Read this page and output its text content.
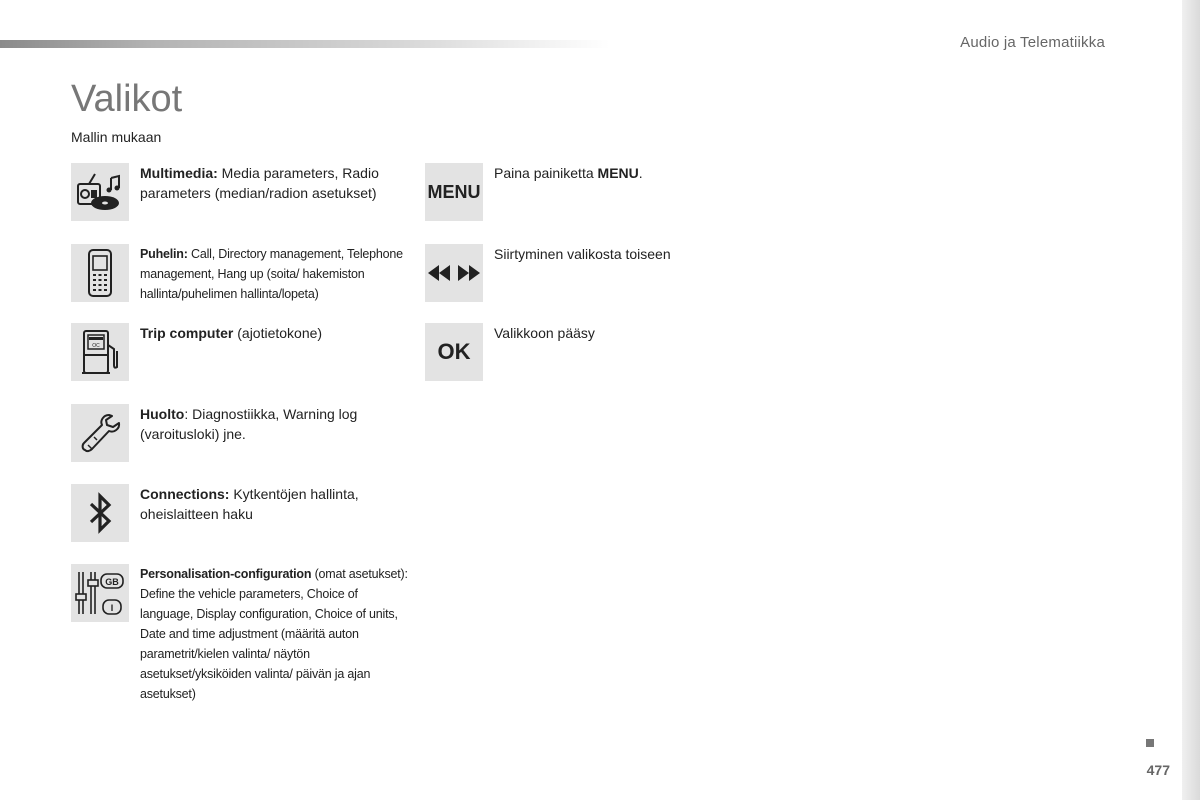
Audio ja Telematiikka
Valikot
Mallin mukaan
Multimedia: Media parameters, Radio parameters (median/radion asetukset)
Puhelin: Call, Directory management, Telephone management, Hang up (soita/ hakemiston hallinta/puhelimen hallinta/lopeta)
OC
Trip computer (ajotietokone)
Huolto: Diagnostiikka, Warning log (varoitusloki) jne.
Connections: Kytkentöjen hallinta, oheislaitteen haku
GB
I
Personalisation-configuration (omat asetukset): Define the vehicle parameters, Choice of language, Display configuration, Choice of units, Date and time adjustment (määritä auton parametrit/kielen valinta/ näytön asetukset/yksiköiden valinta/ päivän ja ajan asetukset)
MENU
Paina painiketta MENU.
Siirtyminen valikosta toiseen
OK
Valikkoon pääsy
477
